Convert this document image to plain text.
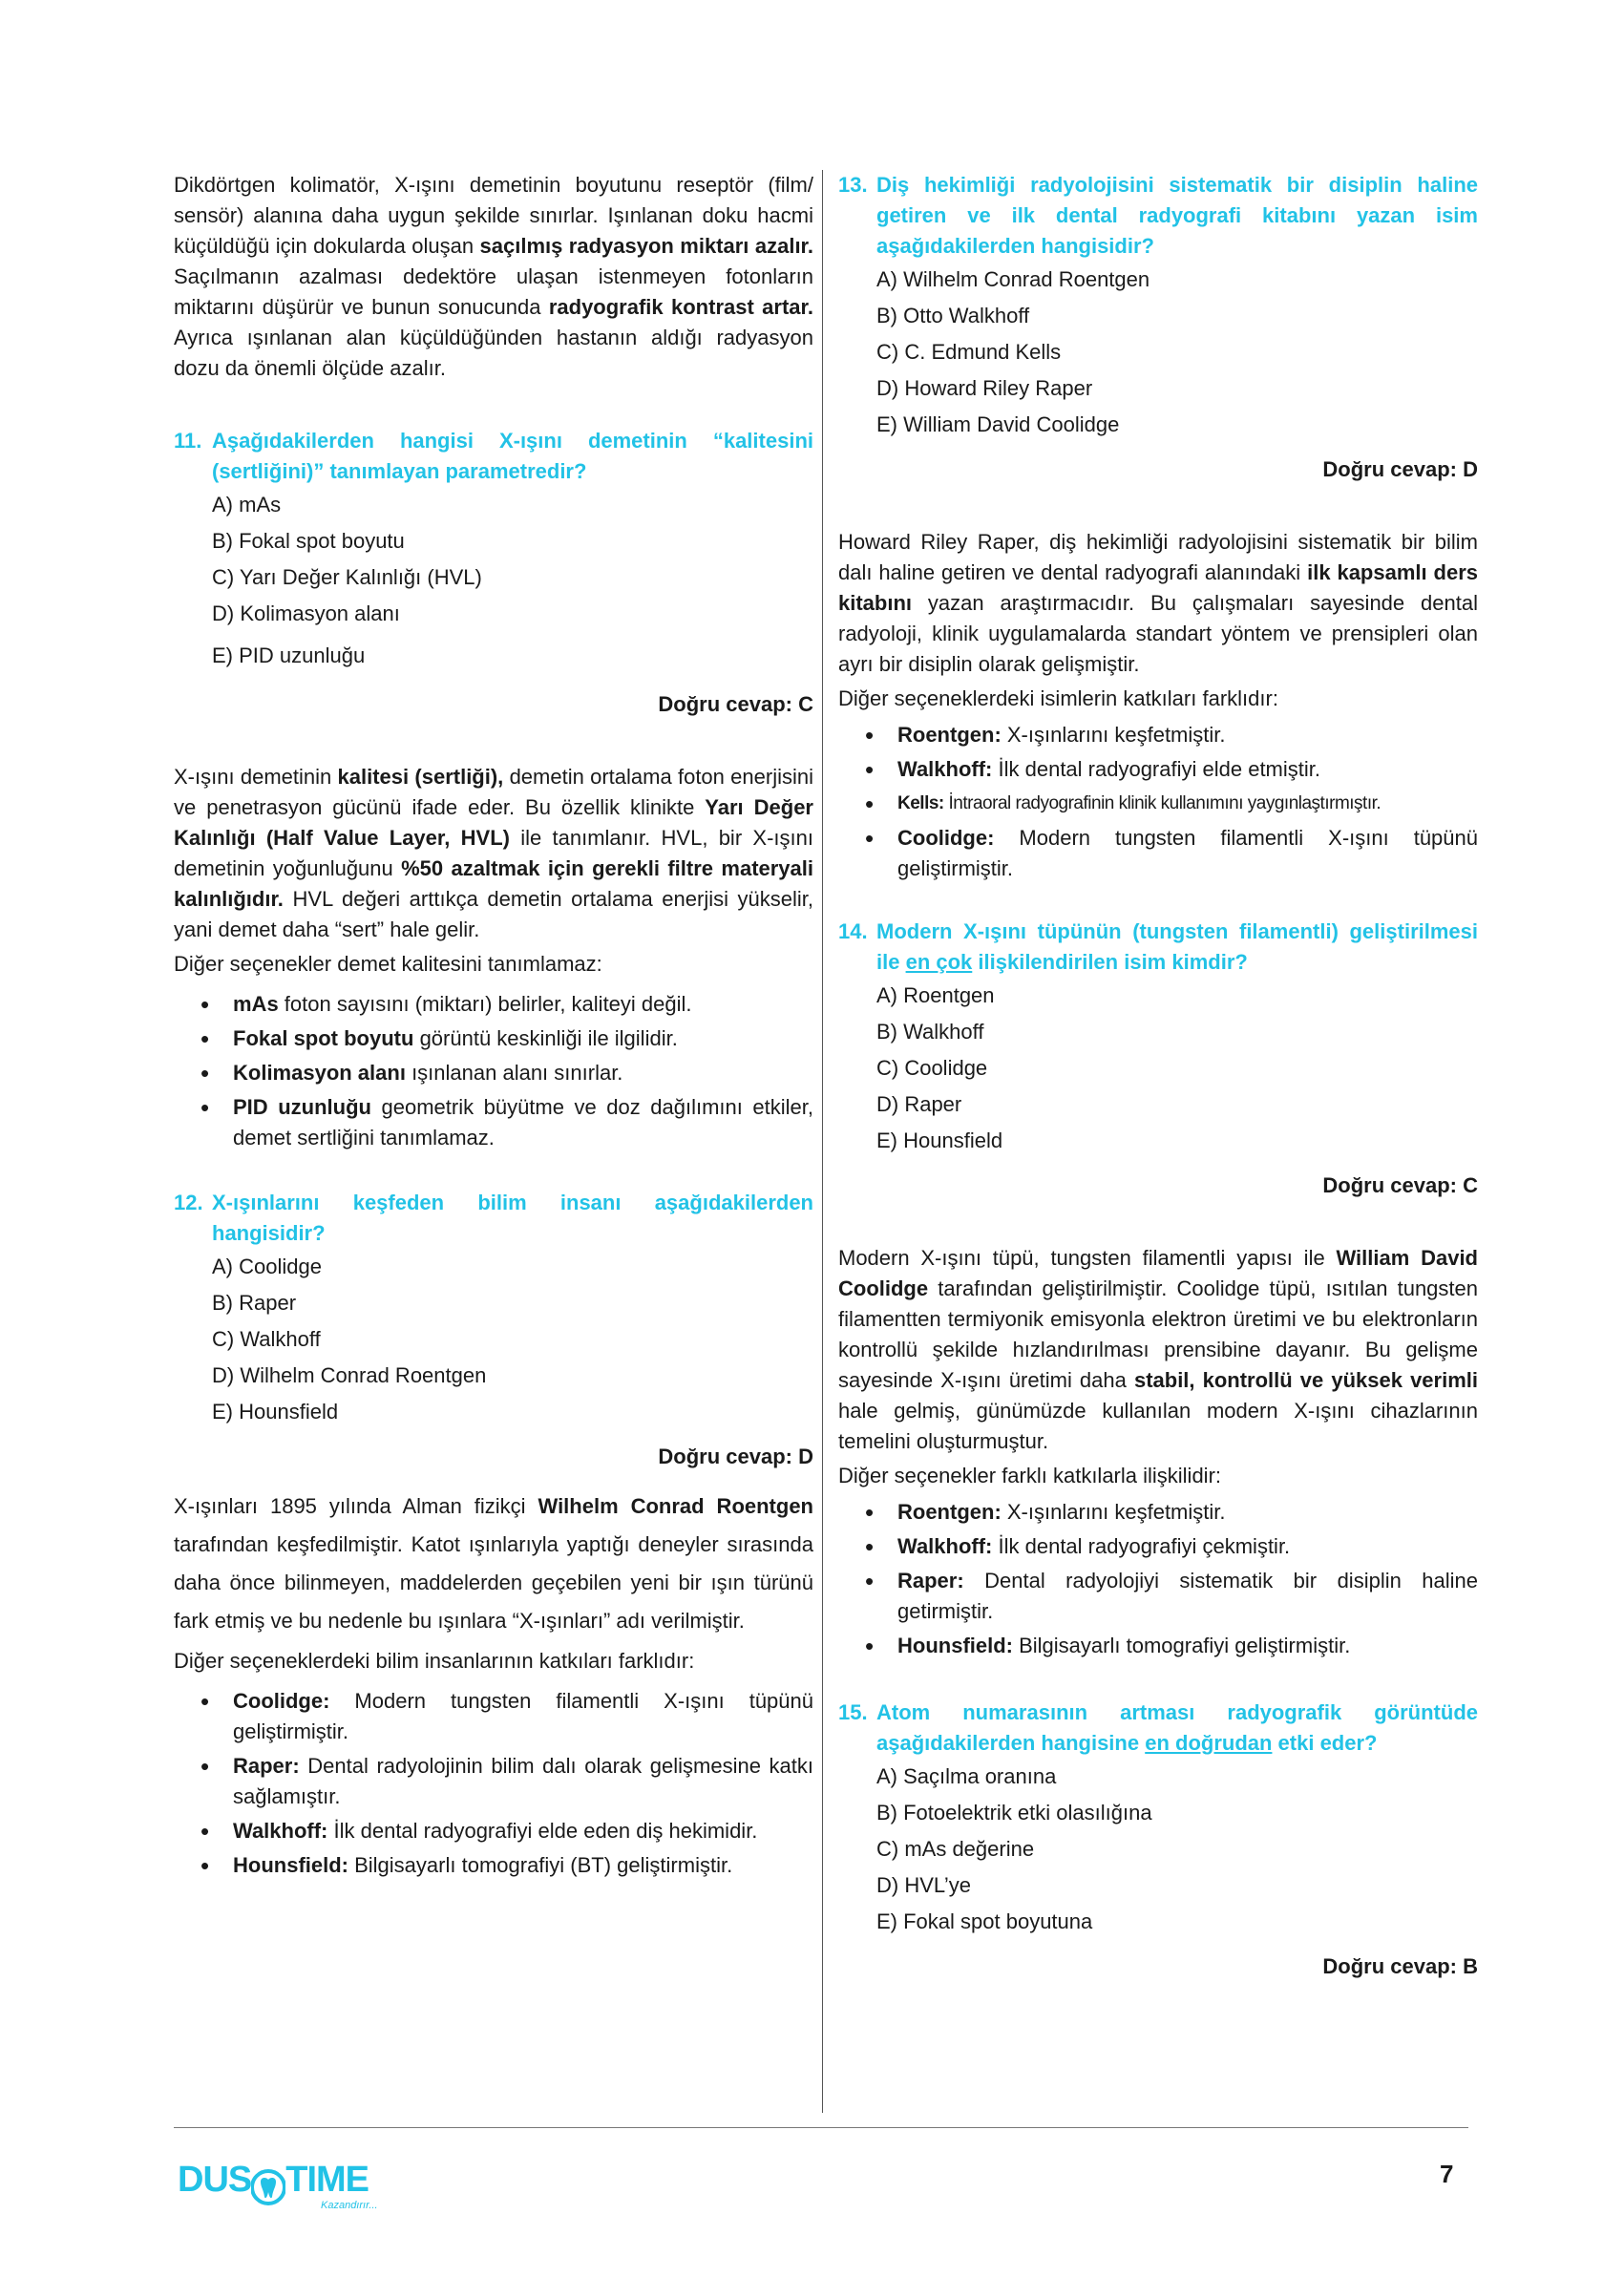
Dikdörtgen kolimatör, X-ışını demetinin boyutunu reseptör (film/ sensör) alanına daha uygun şekilde sınırlar. Işınlanan doku hacmi küçüldüğü için dokularda oluşan saçılmış radyasyon miktarı azalır. Saçılmanın azalması dedektöre ulaşan istenmeyen fotonların miktarını düşürür ve bunun sonucunda radyografik kontrast artar. Ayrıca ışınlanan alan küçüldüğünden hastanın aldığı radyasyon dozu da önemli ölçüde azalır.

11. Aşağıdakilerden hangisi X-ışını demetinin “kalitesini (sertliğini)” tanımlayan parametredir?
A) mAs
B) Fokal spot boyutu
C) Yarı Değer Kalınlığı (HVL)
D) Kolimasyon alanı
E) PID uzunluğu

Doğru cevap: C

X-ışını demetinin kalitesi (sertliği), demetin ortalama foton enerjisini ve penetrasyon gücünü ifade eder. Bu özellik klinikte Yarı Değer Kalınlığı (Half Value Layer, HVL) ile tanımlanır. HVL, bir X-ışını demetinin yoğunluğunu %50 azaltmak için gerekli filtre materyali kalınlığıdır. HVL değeri arttıkça demetin ortalama enerjisi yükselir, yani demet daha “sert” hale gelir.

Diğer seçenekler demet kalitesini tanımlamaz:

• mAs foton sayısını (miktarı) belirler, kaliteyi değil.
• Fokal spot boyutu görüntü keskinliği ile ilgilidir.
• Kolimasyon alanı ışınlanan alanı sınırlar.
• PID uzunluğu geometrik büyütme ve doz dağılımını etkiler, demet sertliğini tanımlamaz.
12. X-ışınlarını keşfeden bilim insanı aşağıdakilerden hangisidir?
A) Coolidge
B) Raper
C) Walkhoff
D) Wilhelm Conrad Roentgen
E) Hounsfield

Doğru cevap: D

X-ışınları 1895 yılında Alman fizikçi Wilhelm Conrad Roentgen tarafından keşfedilmiştir. Katot ışınlarıyla yaptığı deneyler sırasında daha önce bilinmeyen, maddelerden geçebilen yeni bir ışın türünü fark etmiş ve bu nedenle bu ışınlara “X-ışınları” adı verilmiştir.

Diğer seçeneklerdeki bilim insanlarının katkıları farklıdır:

• Coolidge: Modern tungsten filamentli X-ışını tüpünü geliştirmiştir.
• Raper: Dental radyolojinin bilim dalı olarak gelişmesine katkı sağlamıştır.
• Walkhoff: İlk dental radyografiyi elde eden diş hekimidir.
• Hounsfield: Bilgisayarlı tomografiyi (BT) geliştirmiştir.
13. Diş hekimliği radyolojisini sistematik bir disiplin haline getiren ve ilk dental radyografi kitabını yazan isim aşağıdakilerden hangisidir?
A) Wilhelm Conrad Roentgen
B) Otto Walkhoff
C) C. Edmund Kells
D) Howard Riley Raper
E) William David Coolidge

Doğru cevap: D

Howard Riley Raper, diş hekimliği radyolojisini sistematik bir bilim dalı haline getiren ve dental radyografi alanındaki ilk kapsamlı ders kitabını yazan araştırmacıdır. Bu çalışmaları sayesinde dental radyoloji, klinik uygulamalarda standart yöntem ve prensipleri olan ayrı bir disiplin olarak gelişmiştir.

Diğer seçeneklerdeki isimlerin katkıları farklıdır:

• Roentgen: X-ışınlarını keşfetmiştir.
• Walkhoff: İlk dental radyografiyi elde etmiştir.
• Kells: İntraoral radyografinin klinik kullanımını yaygınlaştırmıştır.
• Coolidge: Modern tungsten filamentli X-ışını tüpünü geliştirmiştir.
14. Modern X-ışını tüpünün (tungsten filamentli) geliştirilmesi ile en çok ilişkilendirilen isim kimdir?
A) Roentgen
B) Walkhoff
C) Coolidge
D) Raper
E) Hounsfield

Doğru cevap: C

Modern X-ışını tüpü, tungsten filamentli yapısı ile William David Coolidge tarafından geliştirilmiştir. Coolidge tüpü, ısıtılan tungsten filamentten termiyonik emisyonla elektron üretimi ve bu elektronların kontrollü şekilde hızlandırılması prensibine dayanır. Bu gelişme sayesinde X-ışını üretimi daha stabil, kontrollü ve yüksek verimli hale gelmiş, günümüzde kullanılan modern X-ışını cihazlarının temelini oluşturmuştur.

Diğer seçenekler farklı katkılarla ilişkilidir:

• Roentgen: X-ışınlarını keşfetmiştir.
• Walkhoff: İlk dental radyografiyi çekmiştir.
• Raper: Dental radyolojiyi sistematik bir disiplin haline getirmiştir.
• Hounsfield: Bilgisayarlı tomografiyi geliştirmiştir.
15. Atom numarasının artması radyografik görüntüde aşağıdakilerden hangisine en doğrudan etki eder?
A) Saçılma oranına
B) Fotoelektrik etki olasılığına
C) mAs değerine
D) HVL’ye
E) Fokal spot boyutuna

Doğru cevap: B

DUS TIME
Kazandırır...
7
